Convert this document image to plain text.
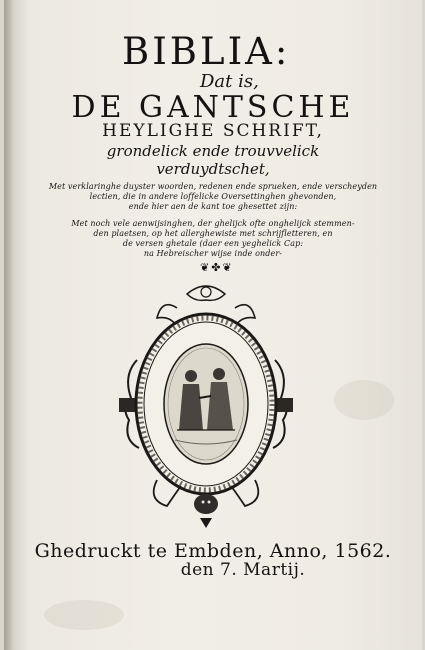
BIBLIA:
Dat is,
DE GANTSCHE
HEYLIGHE SCHRIFT,
grondelick ende trouvvelick
verduydtschet,
Met verklaringhe duyster woorden, redenen ende sprueken, ende verscheyden
lectien, die in andere loffelicke Oversettinghen ghevonden,
ende hier aen de kant toe ghesettet zijn:
Met noch vele aenwijsinghen, der ghelijck ofte onghelijck stemmen-
den plaetsen, op het allerghewiste met schrijfletteren, en
de versen ghetale (daer een yeghelick Cap:
na Hebreischer wijse inde onder-
❦✤❦
Ghedruckt te Embden, Anno, 1562.
den 7. Martij.
